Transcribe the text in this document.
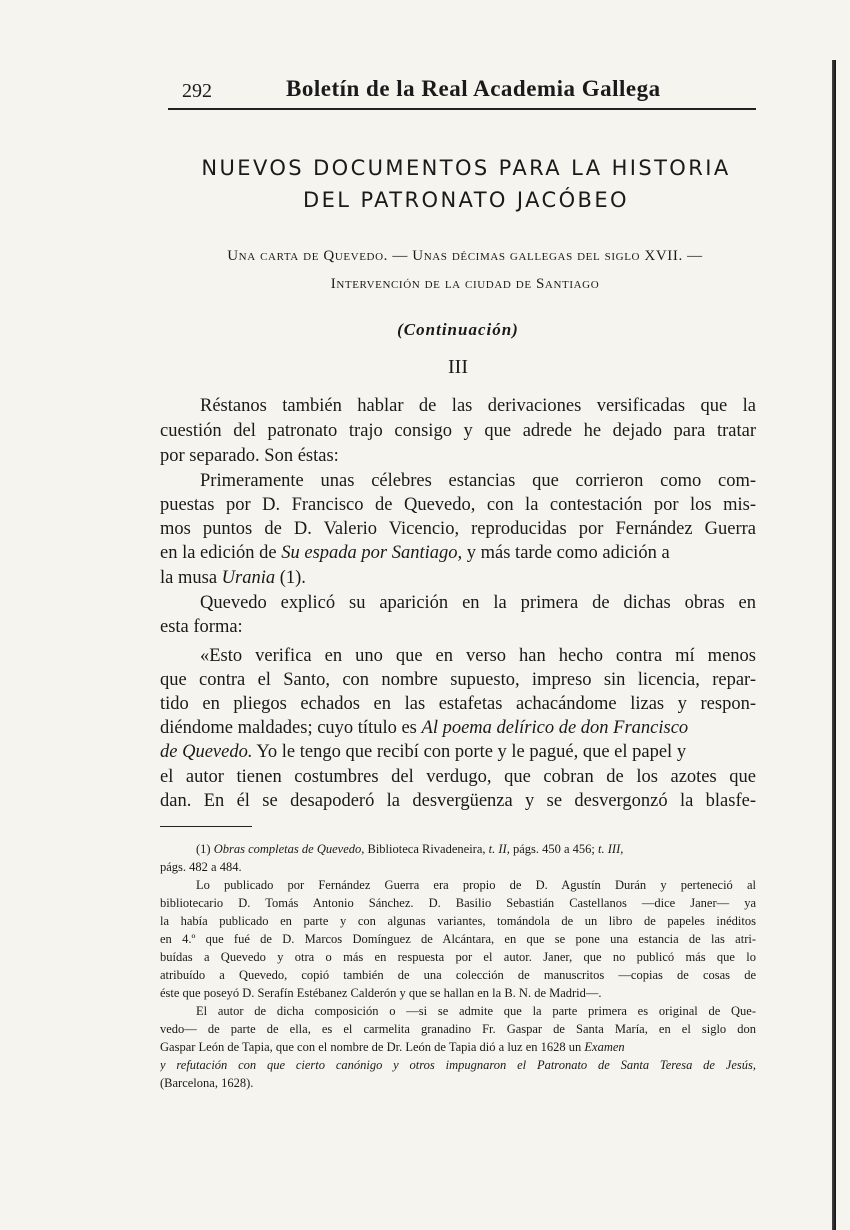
292	Boletín de la Real Academia Gallega
NUEVOS DOCUMENTOS PARA LA HISTORIA
DEL PATRONATO JACÓBEO
Una carta de Quevedo. — Unas décimas gallegas del siglo XVII. —
Intervención de la ciudad de Santiago
(Continuación)
III
Réstanos también hablar de las derivaciones versificadas que la
cuestión del patronato trajo consigo y que adrede he dejado para tratar
por separado. Son éstas:
Primeramente unas célebres estancias que corrieron como com-
puestas por D. Francisco de Quevedo, con la contestación por los mis-
mos puntos de D. Valerio Vicencio, reproducidas por Fernández Guerra
en la edición de Su espada por Santiago, y más tarde como adición a
la musa Urania (1).
Quevedo explicó su aparición en la primera de dichas obras en
esta forma:
«Esto verifica en uno que en verso han hecho contra mí menos
que contra el Santo, con nombre supuesto, impreso sin licencia, repar-
tido en pliegos echados en las estafetas achacándome lizas y respon-
diéndome maldades; cuyo título es Al poema delírico de don Francisco
de Quevedo. Yo le tengo que recibí con porte y le pagué, que el papel y
el autor tienen costumbres del verdugo, que cobran de los azotes que
dan. En él se desapoderó la desvergüenza y se desvergonzó la blasfe-
(1) Obras completas de Quevedo, Biblioteca Rivadeneira, t. II, págs. 450 a 456; t. III,
págs. 482 a 484.
Lo publicado por Fernández Guerra era propio de D. Agustín Durán y perteneció al
bibliotecario D. Tomás Antonio Sánchez. D. Basilio Sebastián Castellanos —dice Janer— ya
la había publicado en parte y con algunas variantes, tomándola de un libro de papeles inéditos
en 4.º que fué de D. Marcos Domínguez de Alcántara, en que se pone una estancia de las atri-
buídas a Quevedo y otra o más en respuesta por el autor. Janer, que no publicó más que lo
atribuído a Quevedo, copió también de una colección de manuscritos —copias de cosas de
éste que poseyó D. Serafín Estébanez Calderón y que se hallan en la B. N. de Madrid—.
El autor de dicha composición o —si se admite que la parte primera es original de Que-
vedo— de parte de ella, es el carmelita granadino Fr. Gaspar de Santa María, en el siglo don
Gaspar León de Tapia, que con el nombre de Dr. León de Tapia dió a luz en 1628 un Examen
y refutación con que cierto canónigo y otros impugnaron el Patronato de Santa Teresa de Jesús,
(Barcelona, 1628).
